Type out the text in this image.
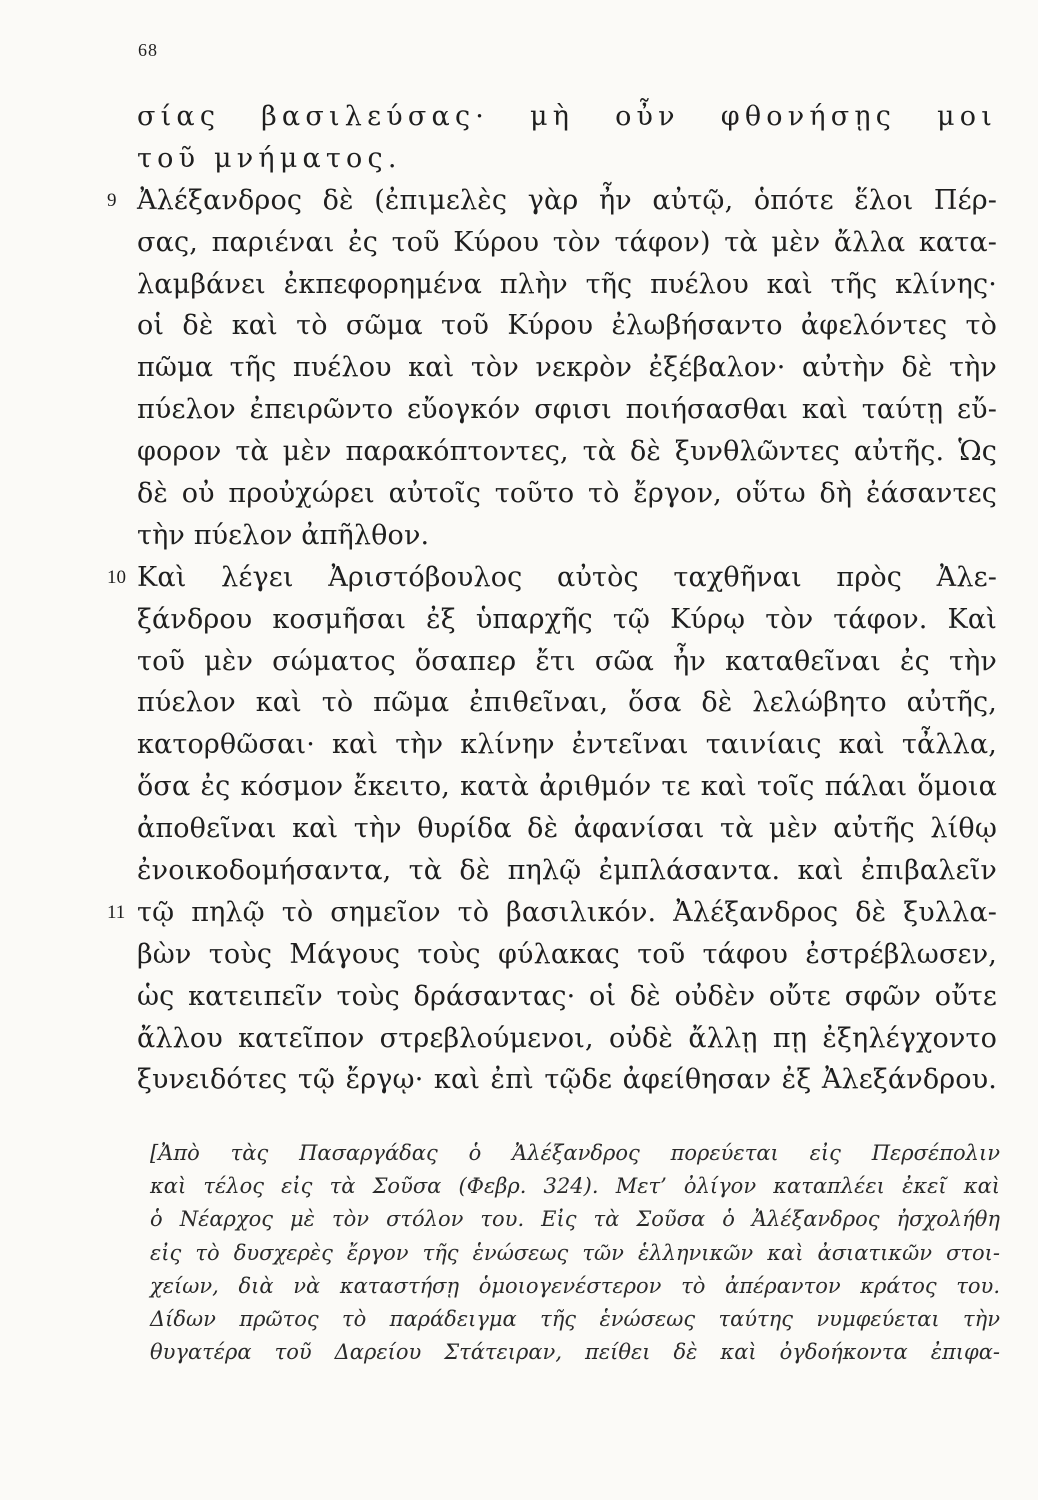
68
σίας βασιλεύσας· μὴ οὖν φθονήσῃς μοι
τοῦ μνήματος.
9 Ἀλέξανδρος δὲ (ἐπιμελὲς γὰρ ἦν αὐτῷ, ὁπότε ἕλοι Πέρ-
σας, παριέναι ἐς τοῦ Κύρου τὸν τάφον) τὰ μὲν ἄλλα κατα-
λαμβάνει ἐκπεφορημένα πλὴν τῆς πυέλου καὶ τῆς κλίνης·
οἱ δὲ καὶ τὸ σῶμα τοῦ Κύρου ἐλωβήσαντο ἀφελόντες τὸ
πῶμα τῆς πυέλου καὶ τὸν νεκρὸν ἐξέβαλον· αὐτὴν δὲ τὴν
πύελον ἐπειρῶντο εὔογκόν σφισι ποιήσασθαι καὶ ταύτῃ εὔ-
φορον τὰ μὲν παρακόπτοντες, τὰ δὲ ξυνθλῶντες αὐτῆς. Ὡς
δὲ οὐ προὐχώρει αὐτοῖς τοῦτο τὸ ἔργον, οὕτω δὴ ἐάσαντες
τὴν πύελον ἀπῆλθον.
10 Καὶ λέγει Ἀριστόβουλος αὐτὸς ταχθῆναι πρὸς Ἀλε-
ξάνδρου κοσμῆσαι ἐξ ὑπαρχῆς τῷ Κύρῳ τὸν τάφον. Καὶ
τοῦ μὲν σώματος ὅσαπερ ἔτι σῶα ἦν καταθεῖναι ἐς τὴν
πύελον καὶ τὸ πῶμα ἐπιθεῖναι, ὅσα δὲ λελώβητο αὐτῆς,
κατορθῶσαι· καὶ τὴν κλίνην ἐντεῖναι ταινίαις καὶ τἆλλα,
ὅσα ἐς κόσμον ἔκειτο, κατὰ ἀριθμόν τε καὶ τοῖς πάλαι ὅμοια
ἀποθεῖναι καὶ τὴν θυρίδα δὲ ἀφανίσαι τὰ μὲν αὐτῆς λίθῳ
ἐνοικοδομήσαντα, τὰ δὲ πηλῷ ἐμπλάσαντα. καὶ ἐπιβαλεῖν
11 τῷ πηλῷ τὸ σημεῖον τὸ βασιλικόν. Ἀλέξανδρος δὲ ξυλλα-
βὼν τοὺς Μάγους τοὺς φύλακας τοῦ τάφου ἐστρέβλωσεν,
ὡς κατειπεῖν τοὺς δράσαντας· οἱ δὲ οὐδὲν οὔτε σφῶν οὔτε
ἄλλου κατεῖπον στρεβλούμενοι, οὐδὲ ἄλλῃ πῃ ἐξηλέγχοντο
ξυνειδότες τῷ ἔργῳ· καὶ ἐπὶ τῷδε ἀφείθησαν ἐξ Ἀλεξάνδρου.
[Ἀπὸ τὰς Πασαργάδας ὁ Ἀλέξανδρος πορεύεται εἰς Περσέπολιν
καὶ τέλος εἰς τὰ Σοῦσα (Φεβρ. 324). Μετ’ ὀλίγον καταπλέει ἐκεῖ καὶ
ὁ Νέαρχος μὲ τὸν στόλον του. Εἰς τὰ Σοῦσα ὁ Ἀλέξανδρος ἠσχολήθη
εἰς τὸ δυσχερὲς ἔργον τῆς ἑνώσεως τῶν ἑλληνικῶν καὶ ἀσιατικῶν στοι-
χείων, διὰ νὰ καταστήσῃ ὁμοιογενέστερον τὸ ἀπέραντον κράτος του.
Δίδων πρῶτος τὸ παράδειγμα τῆς ἑνώσεως ταύτης νυμφεύεται τὴν
θυγατέρα τοῦ Δαρείου Στάτειραν, πείθει δὲ καὶ ὀγδοήκοντα ἐπιφα-
